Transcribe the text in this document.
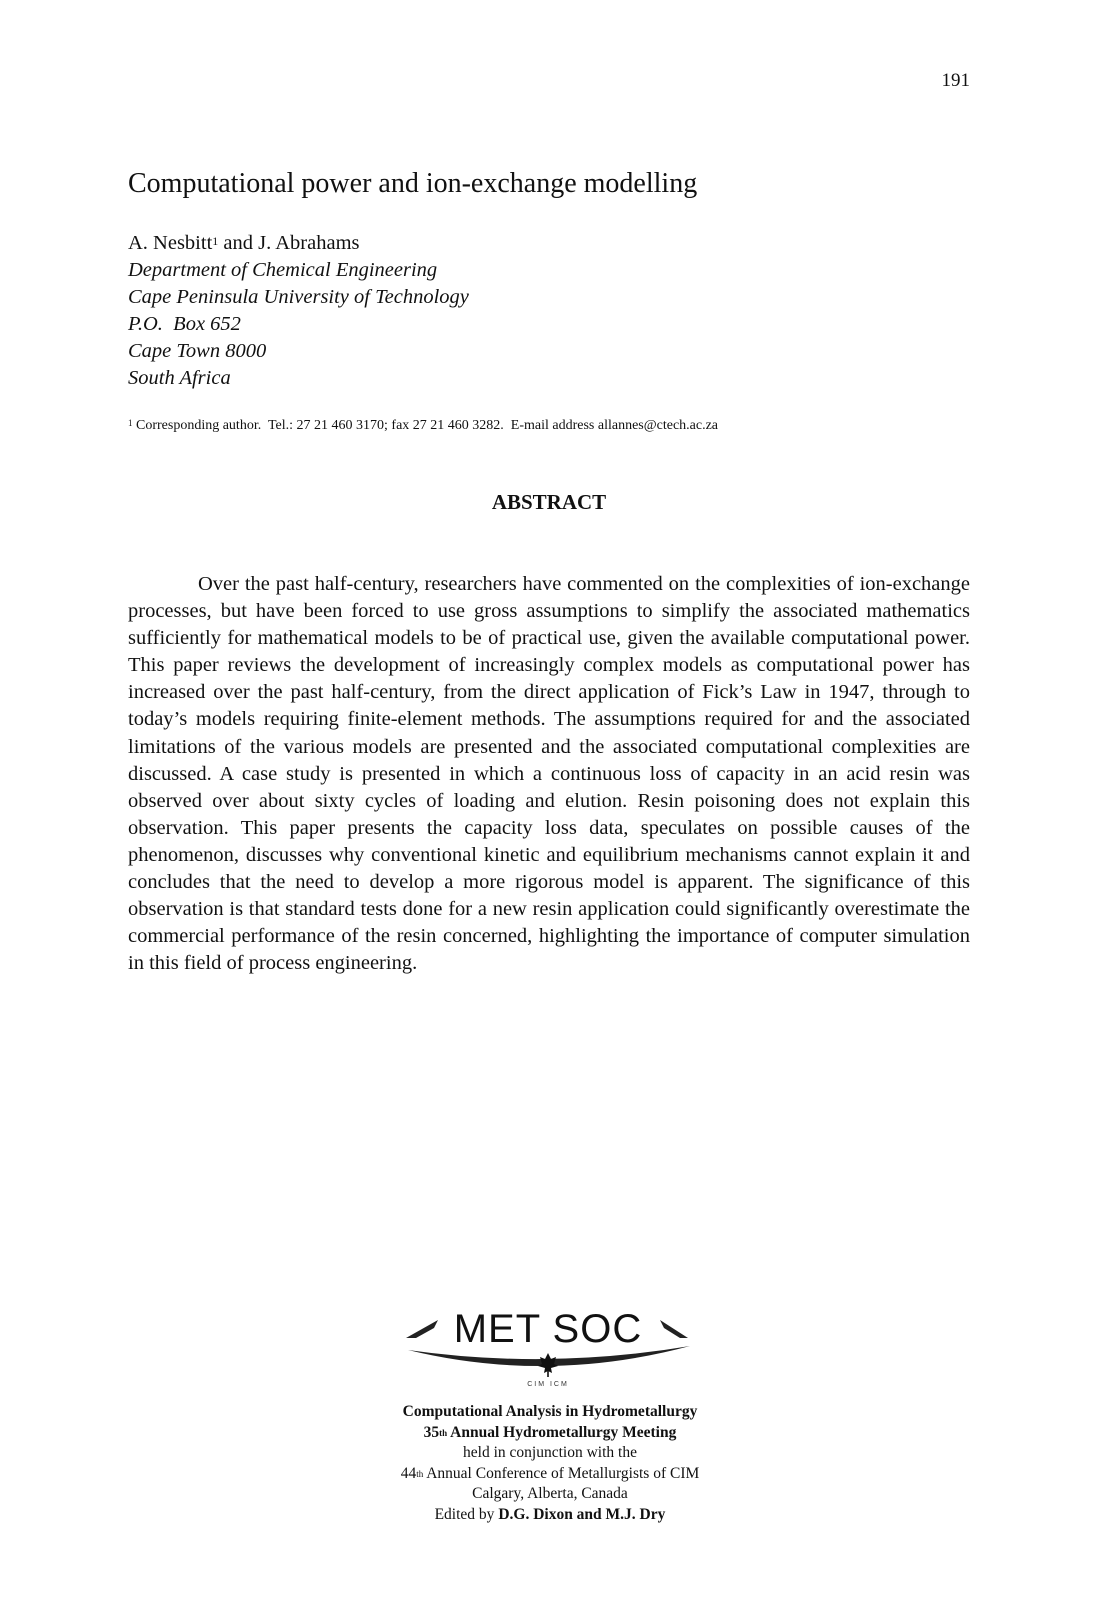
191
Computational power and ion-exchange modelling
A. Nesbitt$^1$ and J. Abrahams
Department of Chemical Engineering
Cape Peninsula University of Technology
P.O.  Box 652
Cape Town 8000
South Africa
$^1$ Corresponding author.  Tel.: 27 21 460 3170; fax 27 21 460 3282.  E-mail address allannes@ctech.ac.za
ABSTRACT

Over the past half-century, researchers have commented on the complexities of ion-exchange processes, but have been forced to use gross assumptions to simplify the associated mathematics sufficiently for mathematical models to be of practical use, given the available computational power. This paper reviews the development of increasingly complex models as computational power has increased over the past half-century, from the direct application of Fick’s Law in 1947, through to today’s models requiring finite-element methods. The assumptions required for and the associated limitations of the various models are presented and the associated computational complexities are discussed. A case study is presented in which a continuous loss of capacity in an acid resin was observed over about sixty cycles of loading and elution. Resin poisoning does not explain this observation. This paper presents the capacity loss data, speculates on possible causes of the phenomenon, discusses why conventional kinetic and equilibrium mechanisms cannot explain it and concludes that the need to develop a more rigorous model is apparent. The significance of this observation is that standard tests done for a new resin application could significantly overestimate the commercial performance of the resin concerned, highlighting the importance of computer simulation in this field of process engineering.

MET SOC
CIM ICM
Computational Analysis in Hydrometallurgy
35th Annual Hydrometallurgy Meeting
held in conjunction with the
44th Annual Conference of Metallurgists of CIM
Calgary, Alberta, Canada
Edited by D.G. Dixon and M.J. Dry
